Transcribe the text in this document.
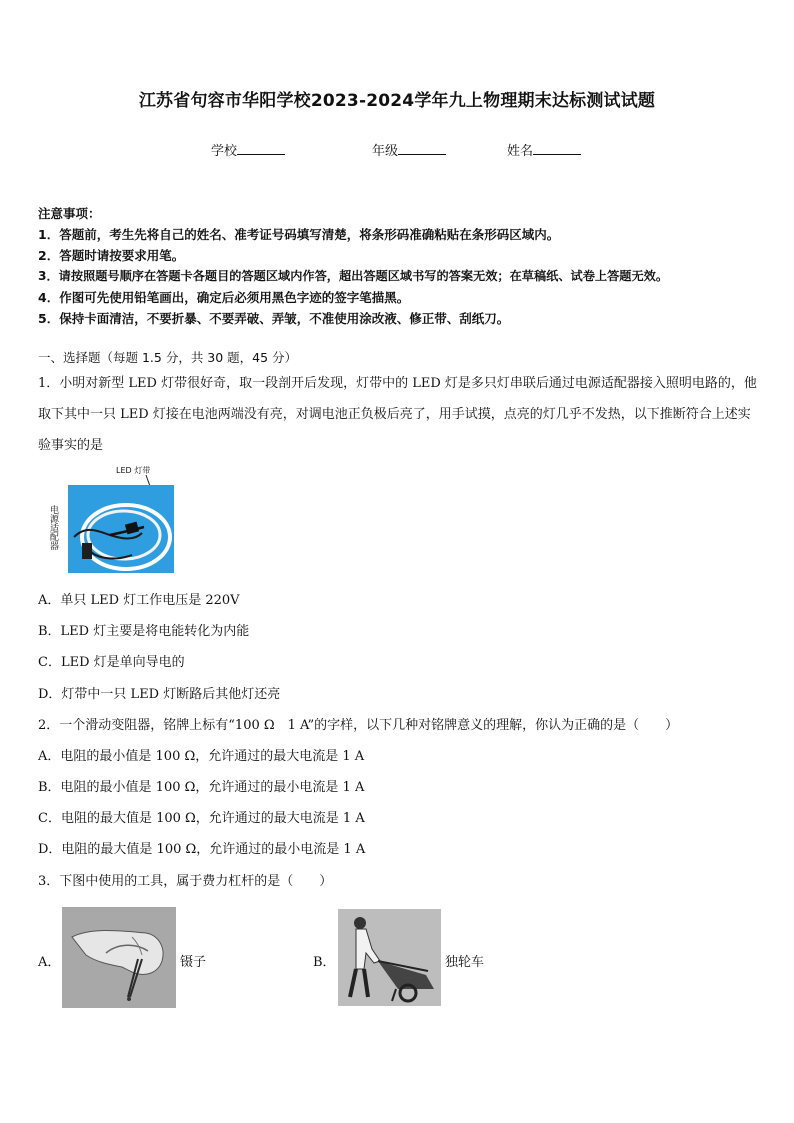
江苏省句容市华阳学校2023-2024学年九上物理期末达标测试试题
学校	年级	姓名
注意事项：
1．答题前，考生先将自己的姓名、准考证号码填写清楚，将条形码准确粘贴在条形码区域内。
2．答题时请按要求用笔。
3．请按照题号顺序在答题卡各题目的答题区域内作答，超出答题区域书写的答案无效；在草稿纸、试卷上答题无效。
4．作图可先使用铅笔画出，确定后必须用黑色字迹的签字笔描黑。
5．保持卡面清洁，不要折暴、不要弄破、弄皱，不准使用涂改液、修正带、刮纸刀。
一、选择题（每题 1.5 分，共 30 题，45 分）
1．小明对新型 LED 灯带很好奇，取一段剖开后发现，灯带中的 LED 灯是多只灯串联后通过电源适配器接入照明电路的，他取下其中一只 LED 灯接在电池两端没有亮，对调电池正负极后亮了，用手试摸，点亮的灯几乎不发热，以下推断符合上述实验事实的是
LED 灯带
电源适配器
A．单只 LED 灯工作电压是 220V
B．LED 灯主要是将电能转化为内能
C．LED 灯是单向导电的
D．灯带中一只 LED 灯断路后其他灯还亮
2．一个滑动变阻器，铭牌上标有“100 Ω　1 A”的字样，以下几种对铭牌意义的理解，你认为正确的是（　　）
A．电阻的最小值是 100 Ω，允许通过的最大电流是 1 A
B．电阻的最小值是 100 Ω，允许通过的最小电流是 1 A
C．电阻的最大值是 100 Ω，允许通过的最大电流是 1 A
D．电阻的最大值是 100 Ω，允许通过的最小电流是 1 A
3．下图中使用的工具，属于费力杠杆的是（　　）
A．	镊子	B．	独轮车
